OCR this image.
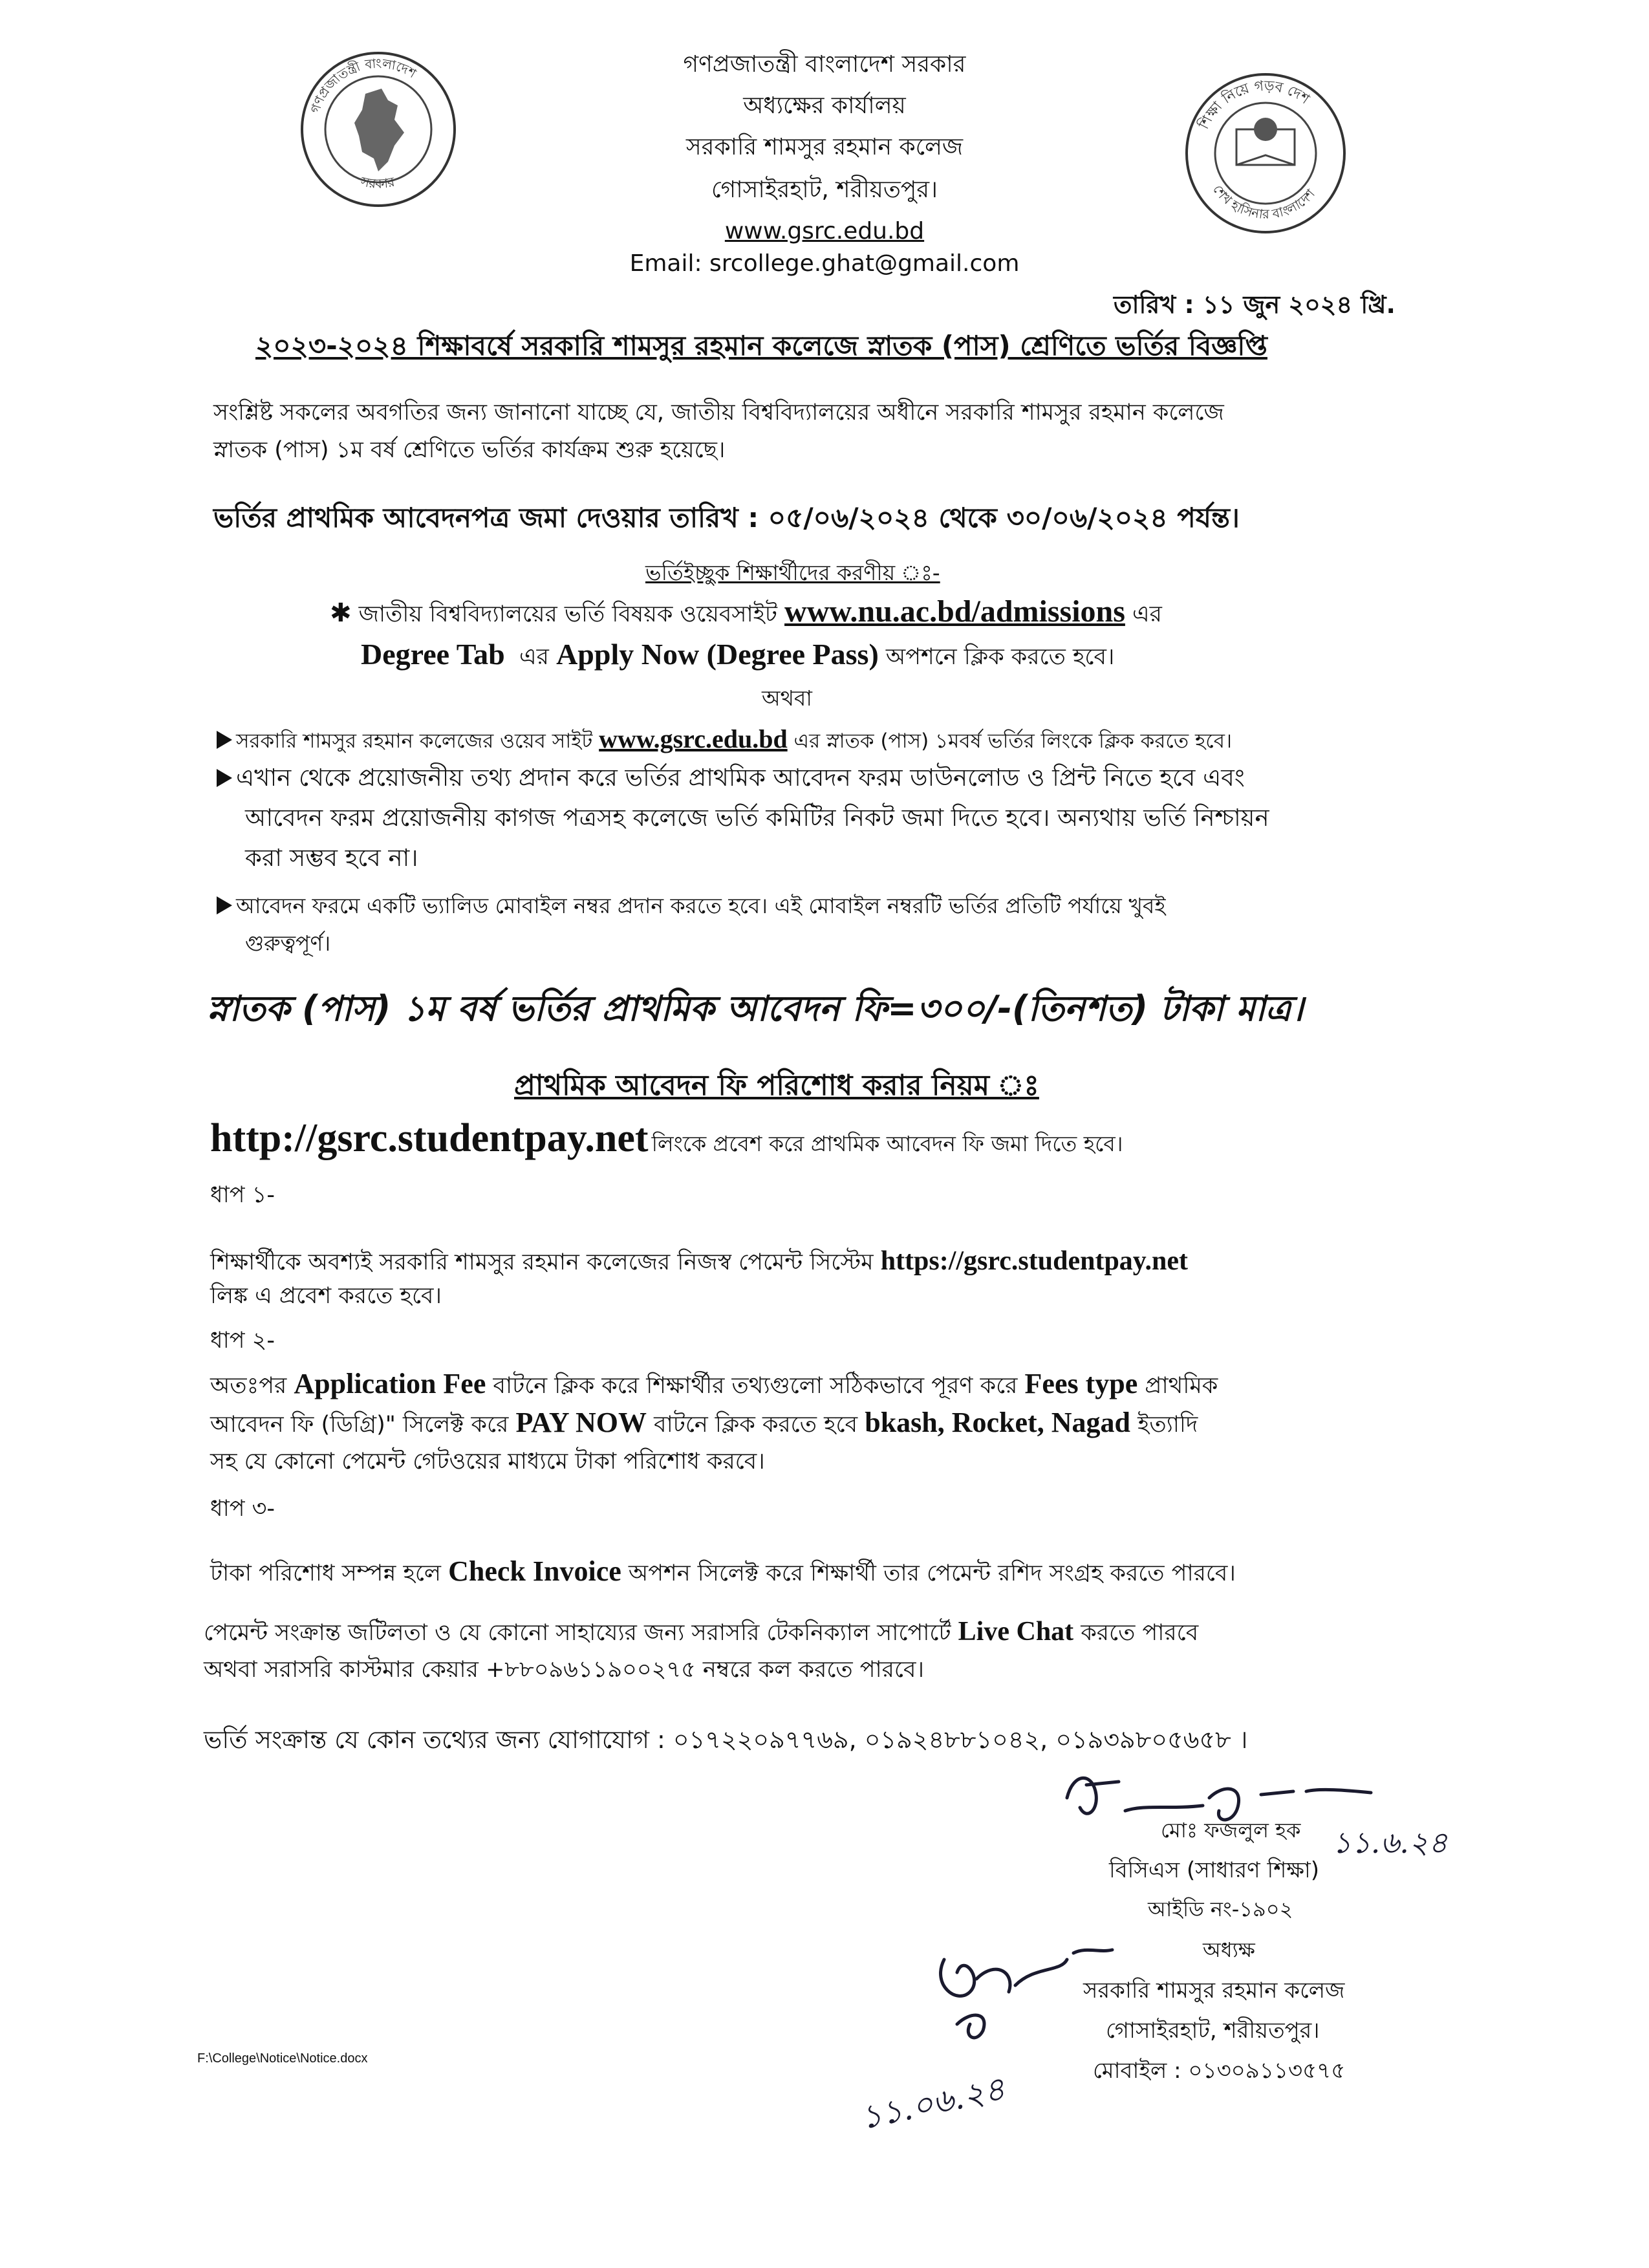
গণপ্রজাতন্ত্রী বাংলাদেশ
সরকার
শিক্ষা নিয়ে গড়ব দেশ
শেখ হাসিনার বাংলাদেশ
গণপ্রজাতন্ত্রী বাংলাদেশ সরকার
অধ্যক্ষের কার্যালয়
সরকারি শামসুর রহমান কলেজ
গোসাইরহাট, শরীয়তপুর।
www.gsrc.edu.bd
Email: srcollege.ghat@gmail.com
তারিখ : ১১ জুন ২০২৪ খ্রি.
২০২৩-২০২৪ শিক্ষাবর্ষে সরকারি শামসুর রহমান কলেজে স্নাতক (পাস) শ্রেণিতে ভর্তির বিজ্ঞপ্তি
সংশ্লিষ্ট সকলের অবগতির জন্য জানানো যাচ্ছে যে, জাতীয় বিশ্ববিদ্যালয়ের অধীনে সরকারি শামসুর রহমান কলেজে
স্নাতক (পাস) ১ম বর্ষ শ্রেণিতে ভর্তির কার্যক্রম শুরু হয়েছে।
ভর্তির প্রাথমিক আবেদনপত্র জমা দেওয়ার তারিখ : ০৫/০৬/২০২৪ থেকে ৩০/০৬/২০২৪ পর্যন্ত।
ভর্তিইচ্ছুক শিক্ষার্থীদের করণীয় ঃ-
✱ জাতীয় বিশ্ববিদ্যালয়ের ভর্তি বিষয়ক ওয়েবসাইট www.nu.ac.bd/admissions এর
Degree Tab এর Apply Now (Degree Pass) অপশনে ক্লিক করতে হবে।
অথবা
সরকারি শামসুর রহমান কলেজের ওয়েব সাইট www.gsrc.edu.bd এর স্নাতক (পাস) ১মবর্ষ ভর্তির লিংকে ক্লিক করতে হবে।
এখান থেকে প্রয়োজনীয় তথ্য প্রদান করে ভর্তির প্রাথমিক আবেদন ফরম ডাউনলোড ও প্রিন্ট নিতে হবে এবং
আবেদন ফরম প্রয়োজনীয় কাগজ পত্রসহ কলেজে ভর্তি কমিটির নিকট জমা দিতে হবে। অন্যথায় ভর্তি নিশ্চায়ন
করা সম্ভব হবে না।
আবেদন ফরমে একটি ভ্যালিড মোবাইল নম্বর প্রদান করতে হবে। এই মোবাইল নম্বরটি ভর্তির প্রতিটি পর্যায়ে খুবই
গুরুত্বপূর্ণ।
স্নাতক (পাস) ১ম বর্ষ ভর্তির প্রাথমিক আবেদন ফি=৩০০/-(তিনশত) টাকা মাত্র।
প্রাথমিক আবেদন ফি পরিশোধ করার নিয়ম ঃ
http://gsrc.studentpay.net লিংকে প্রবেশ করে প্রাথমিক আবেদন ফি জমা দিতে হবে।
ধাপ ১-
শিক্ষার্থীকে অবশ্যই সরকারি শামসুর রহমান কলেজের নিজস্ব পেমেন্ট সিস্টেম https://gsrc.studentpay.net
লিঙ্ক এ প্রবেশ করতে হবে।
ধাপ ২-
অতঃপর Application Fee বাটনে ক্লিক করে শিক্ষার্থীর তথ্যগুলো সঠিকভাবে পূরণ করে Fees type প্রাথমিক
আবেদন ফি (ডিগ্রি)" সিলেক্ট করে PAY NOW বাটনে ক্লিক করতে হবে bkash, Rocket, Nagad ইত্যাদি
সহ যে কোনো পেমেন্ট গেটওয়ের মাধ্যমে টাকা পরিশোধ করবে।
ধাপ ৩-
টাকা পরিশোধ সম্পন্ন হলে Check Invoice অপশন সিলেক্ট করে শিক্ষার্থী তার পেমেন্ট রশিদ সংগ্রহ করতে পারবে।
পেমেন্ট সংক্রান্ত জটিলতা ও যে কোনো সাহায্যের জন্য সরাসরি টেকনিক্যাল সাপোর্টে Live Chat করতে পারবে
অথবা সরাসরি কাস্টমার কেয়ার +৮৮০৯৬১১৯০০২৭৫ নম্বরে কল করতে পারবে।
ভর্তি সংক্রান্ত যে কোন তথ্যের জন্য যোগাযোগ : ০১৭২২০৯৭৭৬৯, ০১৯২৪৮৮১০৪২, ০১৯৩৯৮০৫৬৫৮ ।
১১.৬.২৪
মোঃ ফজলুল হক
বিসিএস (সাধারণ শিক্ষা)
আইডি নং-১৯০২
অধ্যক্ষ
সরকারি শামসুর রহমান কলেজ
গোসাইরহাট, শরীয়তপুর।
মোবাইল : ০১৩০৯১১৩৫৭৫
১১.০৬.২৪
F:\College\Notice\Notice.docx
